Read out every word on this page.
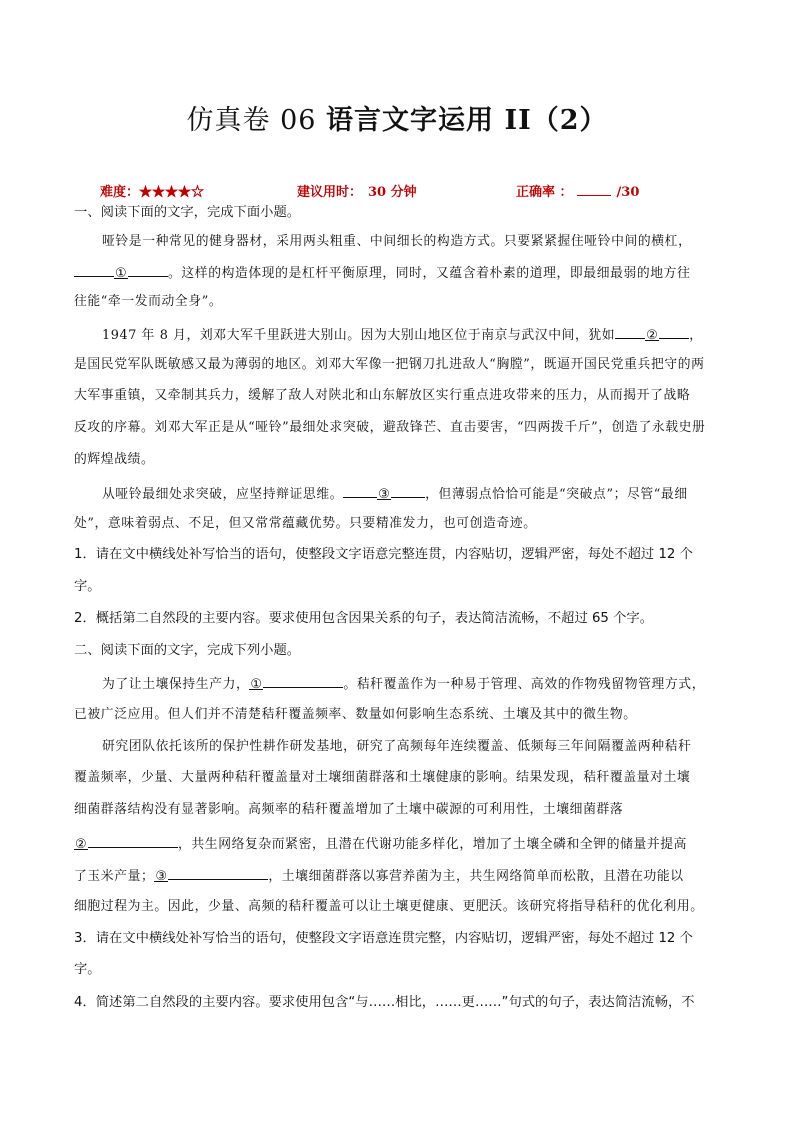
仿真卷 06 语言文字运用 II（2）
难度：★★★★☆	建议用时： 30 分钟	正确率 ：	/30
一、阅读下面的文字，完成下面小题。
哑铃是一种常见的健身器材，采用两头粗重、中间细长的构造方式。只要紧紧握住哑铃中间的横杠，
①	。这样的构造体现的是杠杆平衡原理，同时，又蕴含着朴素的道理，即最细最弱的地方往
往能“牵一发而动全身”。
1947 年 8 月，刘邓大军千里跃进大别山。因为大别山地区位于南京与武汉中间，犹如 ② ，
是国民党军队既敏感又最为薄弱的地区。刘邓大军像一把钢刀扎进敌人“胸膛”，既逼开国民党重兵把守的两
大军事重镇，又牵制其兵力，缓解了敌人对陕北和山东解放区实行重点进攻带来的压力，从而揭开了战略
反攻的序幕。刘邓大军正是从“哑铃”最细处求突破，避敌锋芒、直击要害，“四两拨千斤”，创造了永载史册
的辉煌战绩。
从哑铃最细处求突破，应坚持辩证思维。	③	，但薄弱点恰恰可能是“突破点”；尽管“最细
处”，意味着弱点、不足，但又常常蕴藏优势。只要精准发力，也可创造奇迹。
1．请在文中横线处补写恰当的语句，使整段文字语意完整连贯，内容贴切，逻辑严密，每处不超过 12 个
字。
2．概括第二自然段的主要内容。要求使用包含因果关系的句子，表达简洁流畅，不超过 65 个字。
二、阅读下面的文字，完成下列小题。
为了让土壤保持生产力，①	。秸秆覆盖作为一种易于管理、高效的作物残留物管理方式，
已被广泛应用。但人们并不清楚秸秆覆盖频率、数量如何影响生态系统、土壤及其中的微生物。
研究团队依托该所的保护性耕作研发基地，研究了高频每年连续覆盖、低频每三年间隔覆盖两种秸秆
覆盖频率，少量、大量两种秸秆覆盖量对土壤细菌群落和土壤健康的影响。结果发现，秸秆覆盖量对土壤
细菌群落结构没有显著影响。高频率的秸秆覆盖增加了土壤中碳源的可利用性，土壤细菌群落
②	，共生网络复杂而紧密，且潜在代谢功能多样化，增加了土壤全磷和全钾的储量并提高
了玉米产量；③	，土壤细菌群落以寡营养菌为主，共生网络简单而松散，且潜在功能以
细胞过程为主。因此，少量、高频的秸秆覆盖可以让土壤更健康、更肥沃。该研究将指导秸秆的优化利用。
3．请在文中横线处补写恰当的语句，使整段文字语意连贯完整，内容贴切，逻辑严密，每处不超过 12 个
字。
4．简述第二自然段的主要内容。要求使用包含“与……相比，……更……”句式的句子，表达简洁流畅，不
